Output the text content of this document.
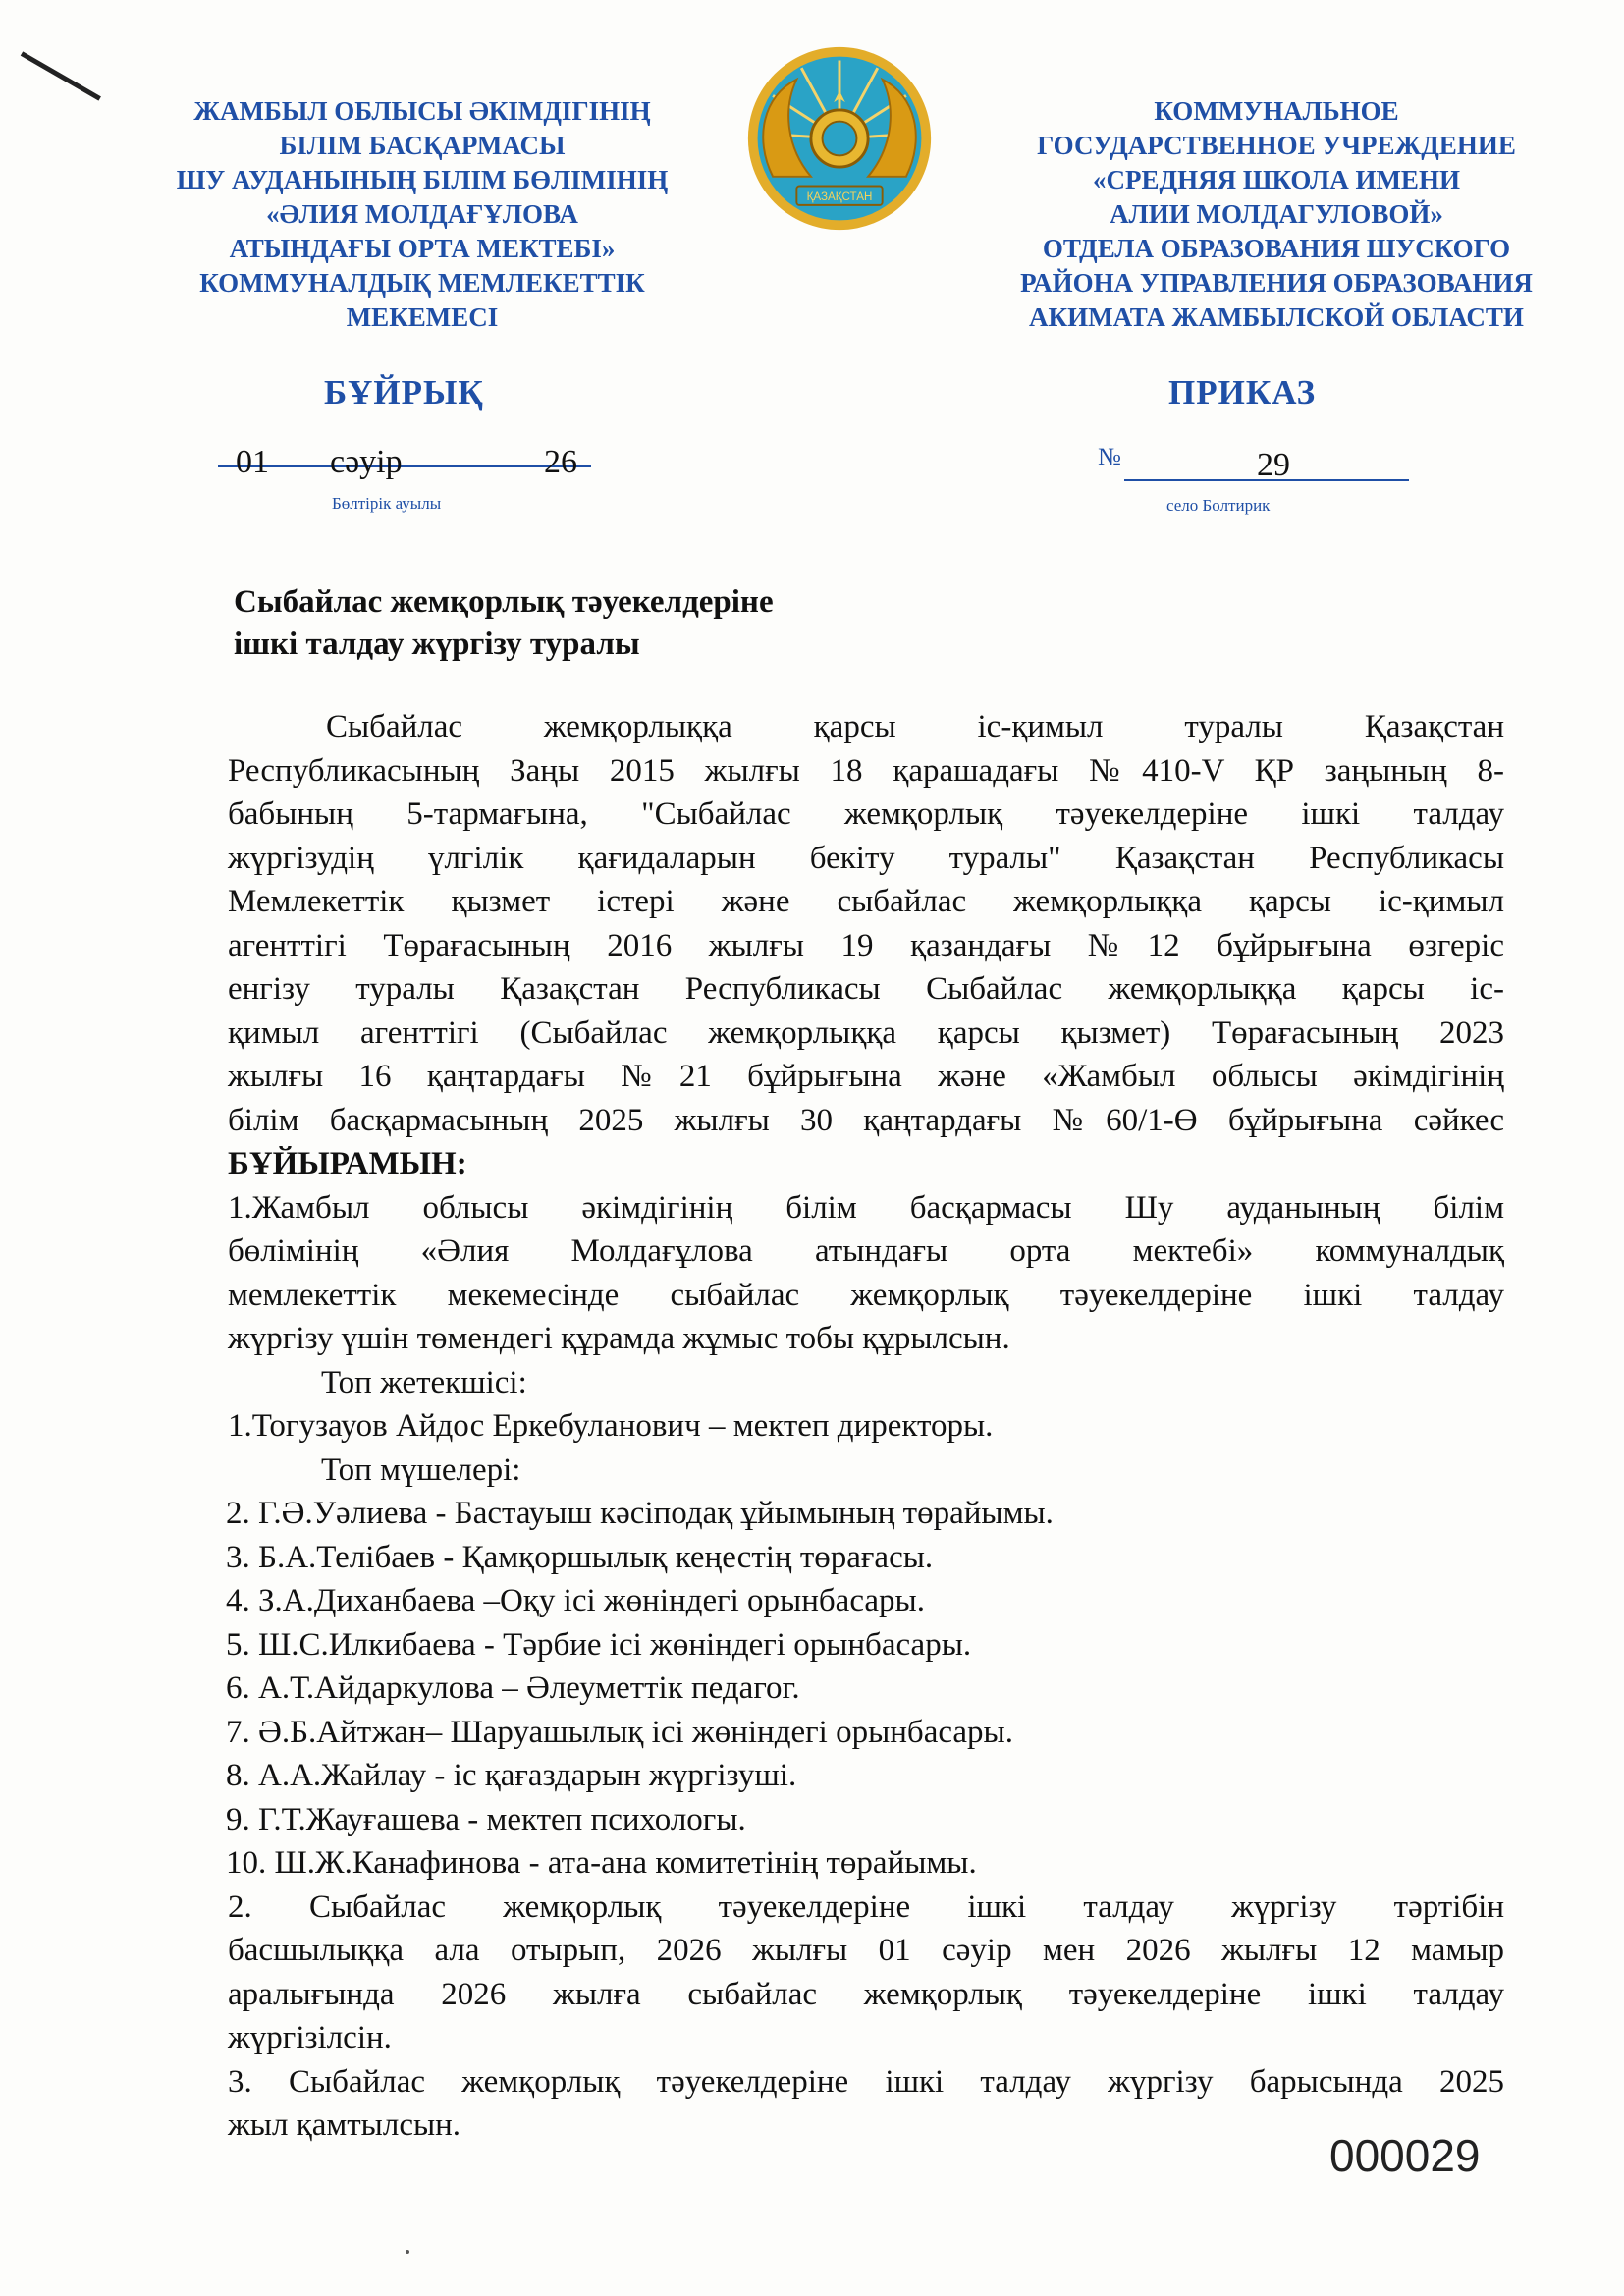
ЖАМБЫЛ ОБЛЫСЫ ӘКІМДІГІНІҢ
БІЛІМ БАСҚАРМАСЫ
ШУ АУДАНЫНЫҢ БІЛІМ БӨЛІМІНІҢ
«ӘЛИЯ МОЛДАҒҰЛОВА
АТЫНДАҒЫ ОРТА МЕКТЕБІ»
КОММУНАЛДЫҚ МЕМЛЕКЕТТІК
МЕКЕМЕСІ
ҚАЗАҚСТАН
КОММУНАЛЬНОЕ
ГОСУДАРСТВЕННОЕ УЧРЕЖДЕНИЕ
«СРЕДНЯЯ ШКОЛА ИМЕНИ
АЛИИ МОЛДАГУЛОВОЙ»
ОТДЕЛА ОБРАЗОВАНИЯ ШУСКОГО
РАЙОНА УПРАВЛЕНИЯ ОБРАЗОВАНИЯ
АКИМАТА ЖАМБЫЛСКОЙ ОБЛАСТИ
БҰЙРЫҚ	ПРИКАЗ
01 сәуір	26
Бөлтірік ауылы
№	29
село Болтирик
Сыбайлас жемқорлық тәуекелдеріне
ішкі талдау жүргізу туралы
Сыбайлас жемқорлыққа қарсы іс-қимыл туралы Қазақстан
Республикасының Заңы 2015 жылғы 18 қарашадағы №410-V ҚР заңының 8-
бабының 5-тармағына, "Сыбайлас жемқорлық тәуекелдеріне ішкі талдау
жүргізудің үлгілік қағидаларын бекіту туралы" Қазақстан Республикасы
Мемлекеттік қызмет істері және сыбайлас жемқорлыққа қарсы іс-қимыл
агенттігі Төрағасының 2016 жылғы 19 қазандағы №12 бұйрығына өзгеріс
енгізу туралы Қазақстан Республикасы Сыбайлас жемқорлыққа қарсы іс-
қимыл агенттігі (Сыбайлас жемқорлыққа қарсы қызмет) Төрағасының 2023
жылғы 16 қаңтардағы №21 бұйрығына және «Жамбыл облысы әкімдігінің
білім басқармасының 2025 жылғы 30 қаңтардағы №60/1-Ө бұйрығына сәйкес
БҰЙЫРАМЫН:
1.Жамбыл облысы әкімдігінің білім басқармасы Шу ауданының білім
бөлімінің «Әлия Молдағұлова атындағы орта мектебі» коммуналдық
мемлекеттік мекемесінде сыбайлас жемқорлық тәуекелдеріне ішкі талдау
жүргізу үшін төмендегі құрамда жұмыс тобы құрылсын.
Топ жетекшісі:
1.Тогузауов Айдос Еркебуланович – мектеп директоры.
Топ мүшелері:
2. Г.Ә.Уәлиева - Бастауыш кәсіподақ ұйымының төрайымы.
3. Б.А.Телібаев - Қамқоршылық кеңестің төрағасы.
4. З.А.Диханбаева –Оқу ісі жөніндегі орынбасары.
5. Ш.С.Илкибаева - Тәрбие ісі жөніндегі орынбасары.
6. А.Т.Айдаркулова – Әлеуметтік педагог.
7. Ә.Б.Айтжан– Шаруашылық ісі жөніндегі орынбасары.
8. А.А.Жайлау - іс қағаздарын жүргізуші.
9. Г.Т.Жауғашева - мектеп психологы.
10. Ш.Ж.Канафинова - ата-ана комитетінің төрайымы.
2. Сыбайлас жемқорлық тәуекелдеріне ішкі талдау жүргізу тәртібін
басшылыққа ала отырып, 2026 жылғы 01 сәуір мен 2026 жылғы 12 мамыр
аралығында 2026 жылға сыбайлас жемқорлық тәуекелдеріне ішкі талдау
жүргізілсін.
3. Сыбайлас жемқорлық тәуекелдеріне ішкі талдау жүргізу барысында 2025
жыл қамтылсын.
000029
